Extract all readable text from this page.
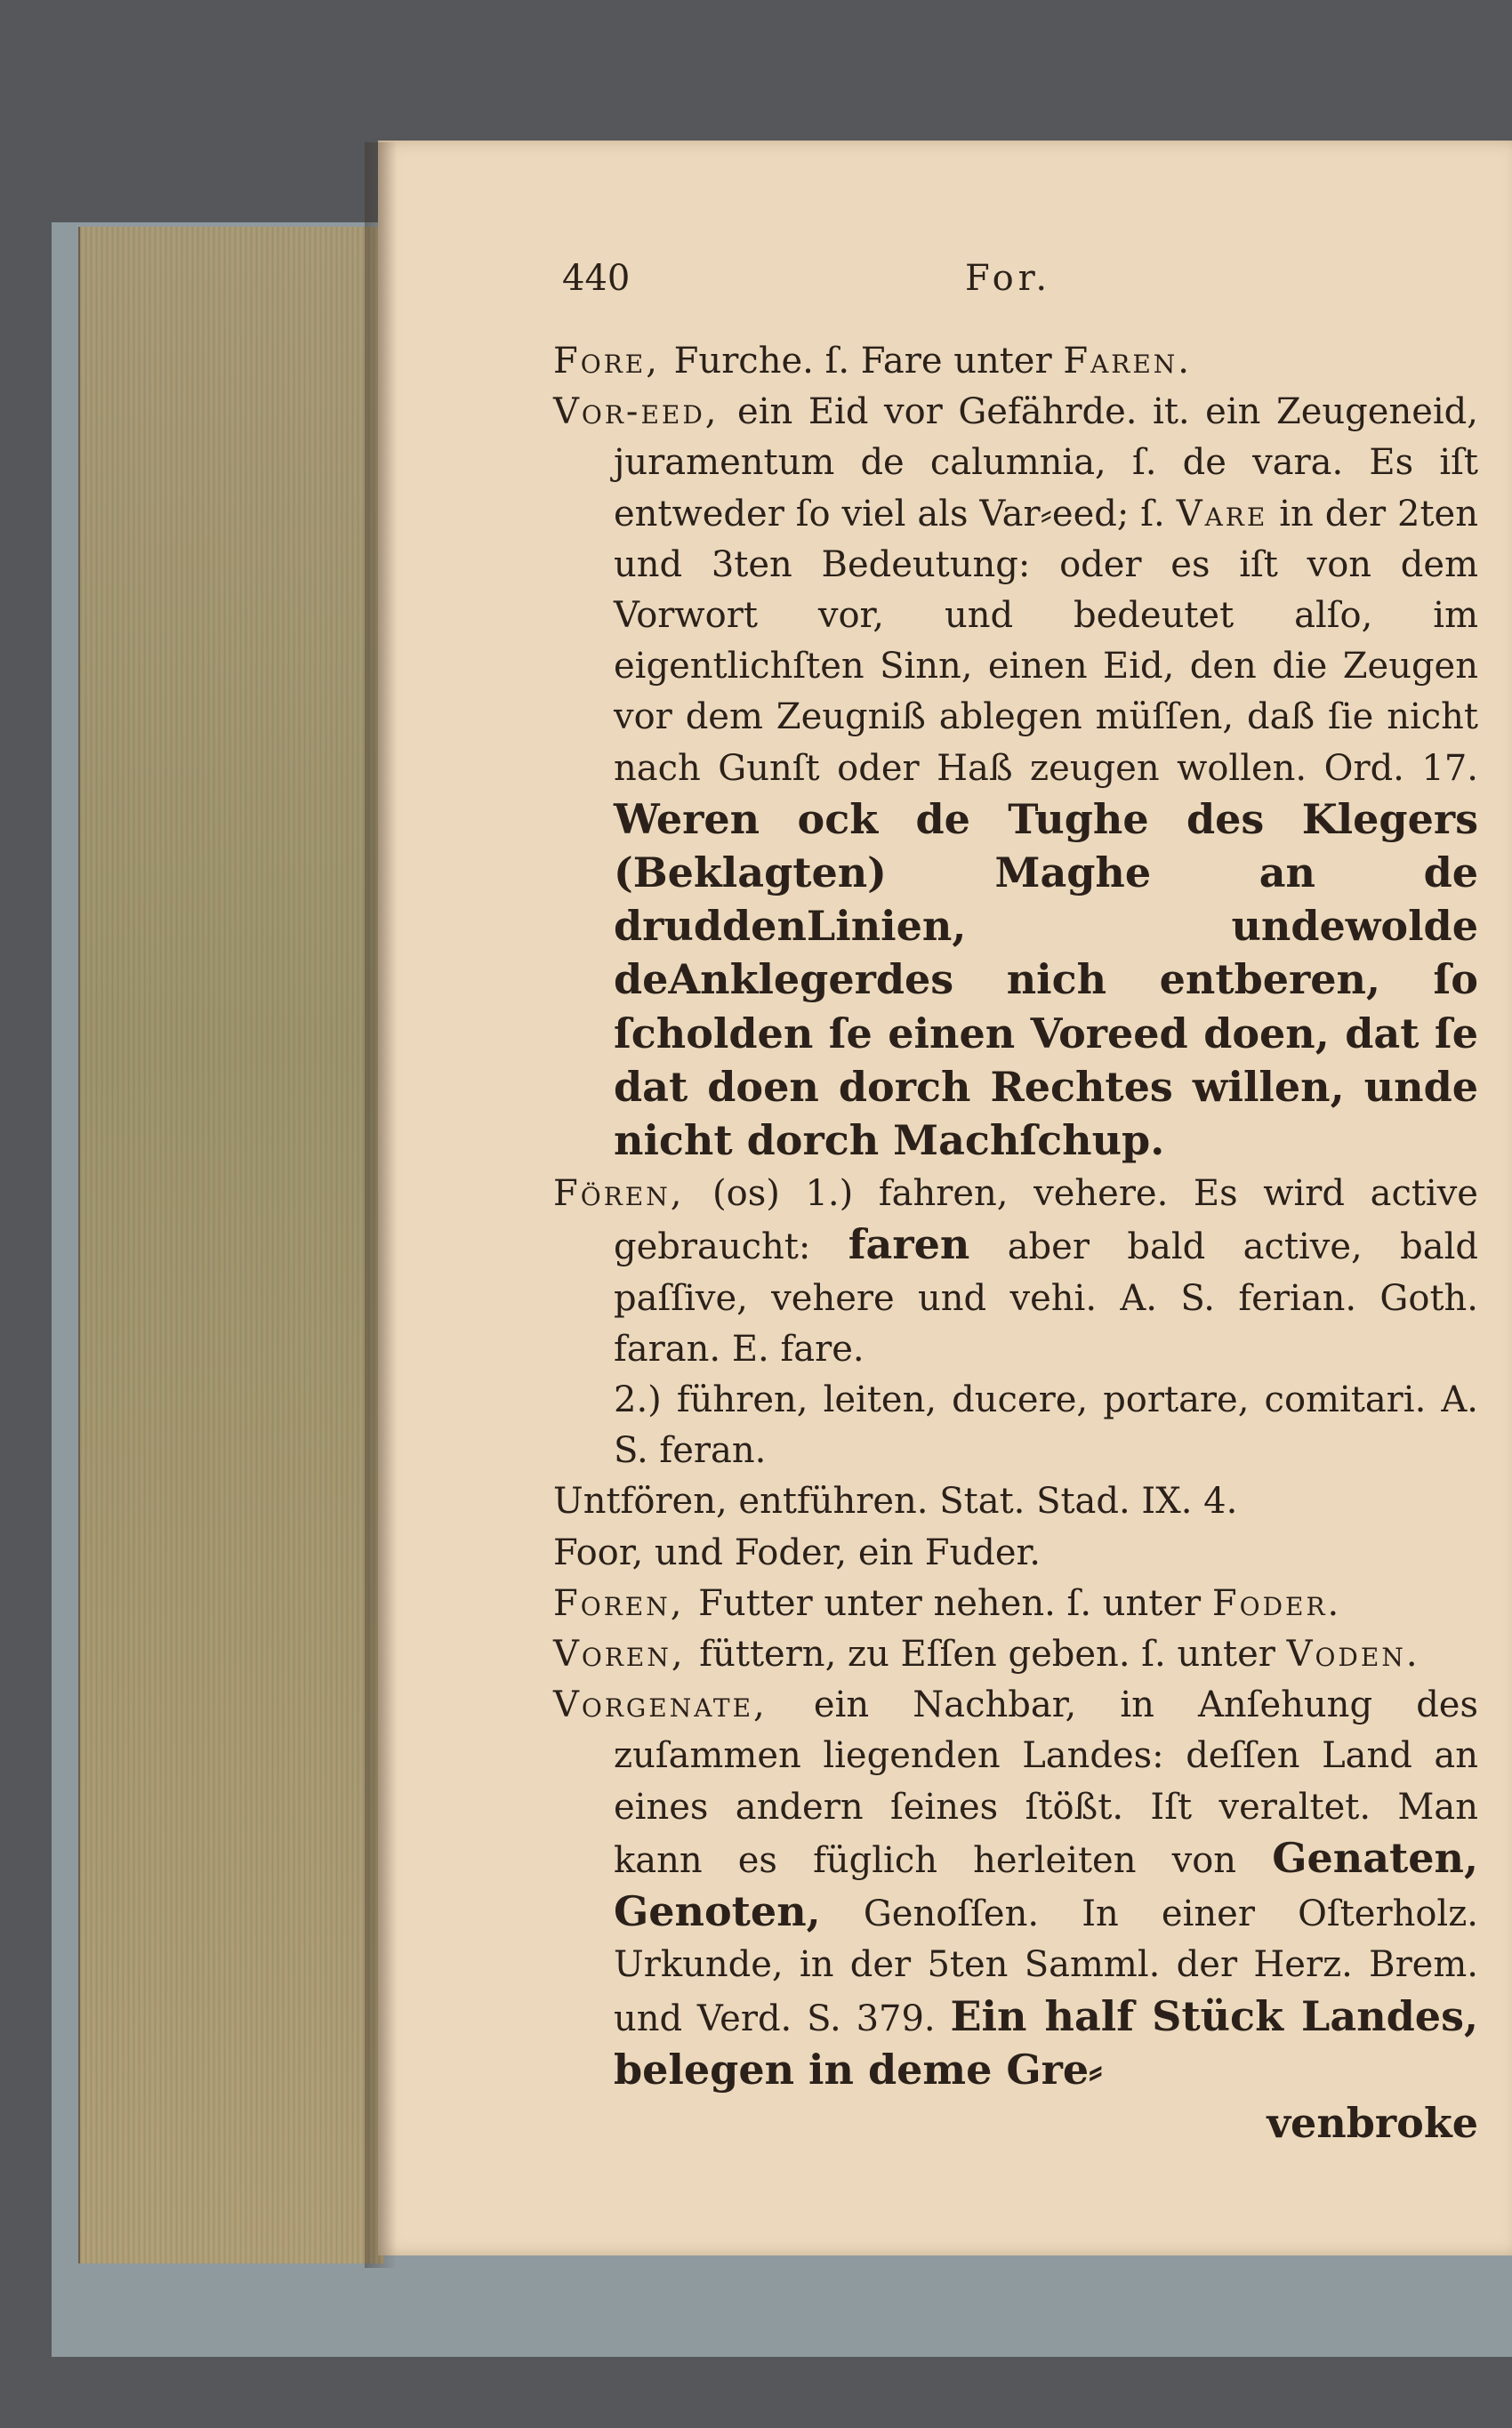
440	For.

Fore, Furche. ſ. Fare unter Faren.

Vor-eed, ein Eid vor Gefährde. it. ein Zeugeneid, juramentum de calumnia, ſ. de vara. Es iſt entweder ſo viel als Var⸗eed; ſ. Vare in der 2ten und 3ten Bedeutung: oder es iſt von dem Vorwort vor, und bedeutet alſo, im eigentlichſten Sinn, einen Eid, den die Zeugen vor dem Zeugniß ablegen müſſen, daß ſie nicht nach Gunſt oder Haß zeugen wollen. Ord. 17. Weren ock de Tughe des Klegers (Beklagten) Maghe an de druddenLinien, undewolde deAnklegerdes nich entberen, ſo ſcholden ſe einen Voreed doen, dat ſe dat doen dorch Rechtes willen, unde nicht dorch Machſchup.

Fören, (os) 1.) fahren, vehere. Es wird active gebraucht: faren aber bald active, bald paſſive, vehere und vehi. A. S. ferian. Goth. faran. E. fare.

2.) führen, leiten, ducere, portare, comitari. A. S. feran.

Untfören, entführen. Stat. Stad. IX. 4.

Foor, und Foder, ein Fuder.

Foren, Futter unter nehen. ſ. unter Foder.

Voren, füttern, zu Eſſen geben. ſ. unter Voden.

Vorgenate, ein Nachbar, in Anſehung des zuſammen liegenden Landes: deſſen Land an eines andern ſeines ſtößt. Iſt veraltet. Man kann es füglich herleiten von Genaten, Genoten, Genoſſen. In einer Oſterholz. Urkunde, in der 5ten Samml. der Herz. Brem. und Verd. S. 379. Ein half Stück Landes, belegen in deme Gre⸗

venbroke
